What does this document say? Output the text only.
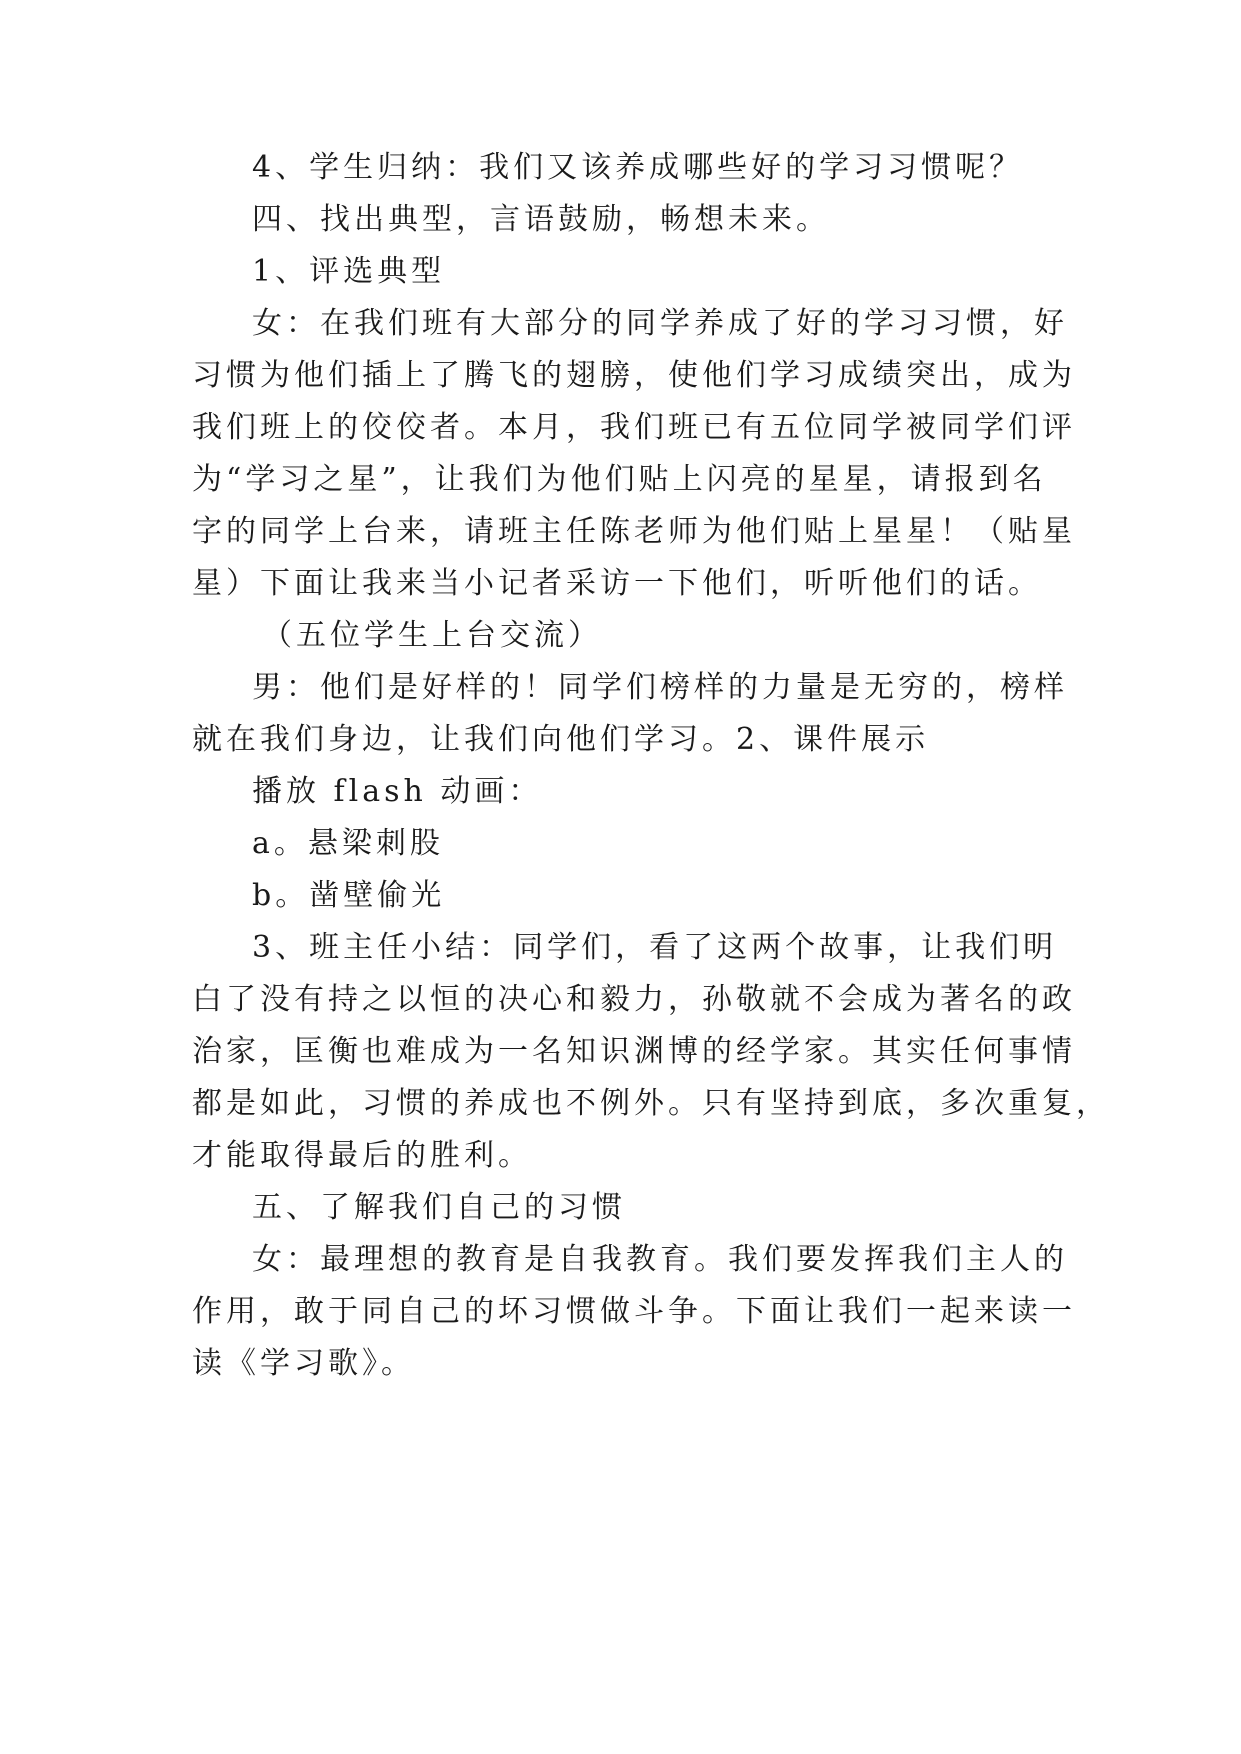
4、学生归纳：我们又该养成哪些好的学习习惯呢？
四、找出典型，言语鼓励，畅想未来。
1、评选典型
女：在我们班有大部分的同学养成了好的学习习惯，好
习惯为他们插上了腾飞的翅膀，使他们学习成绩突出，成为
我们班上的佼佼者。本月，我们班已有五位同学被同学们评
为“学习之星”，让我们为他们贴上闪亮的星星，请报到名
字的同学上台来，请班主任陈老师为他们贴上星星！（贴星
星）下面让我来当小记者采访一下他们，听听他们的话。
（五位学生上台交流）
男：他们是好样的！同学们榜样的力量是无穷的，榜样
就在我们身边，让我们向他们学习。2、课件展示
播放 flash 动画：
a。悬梁刺股
b。凿壁偷光
3、班主任小结：同学们，看了这两个故事，让我们明
白了没有持之以恒的决心和毅力，孙敬就不会成为著名的政
治家，匡衡也难成为一名知识渊博的经学家。其实任何事情
都是如此，习惯的养成也不例外。只有坚持到底，多次重复，
才能取得最后的胜利。
五、了解我们自己的习惯
女：最理想的教育是自我教育。我们要发挥我们主人的
作用，敢于同自己的坏习惯做斗争。下面让我们一起来读一
读《学习歌》。
